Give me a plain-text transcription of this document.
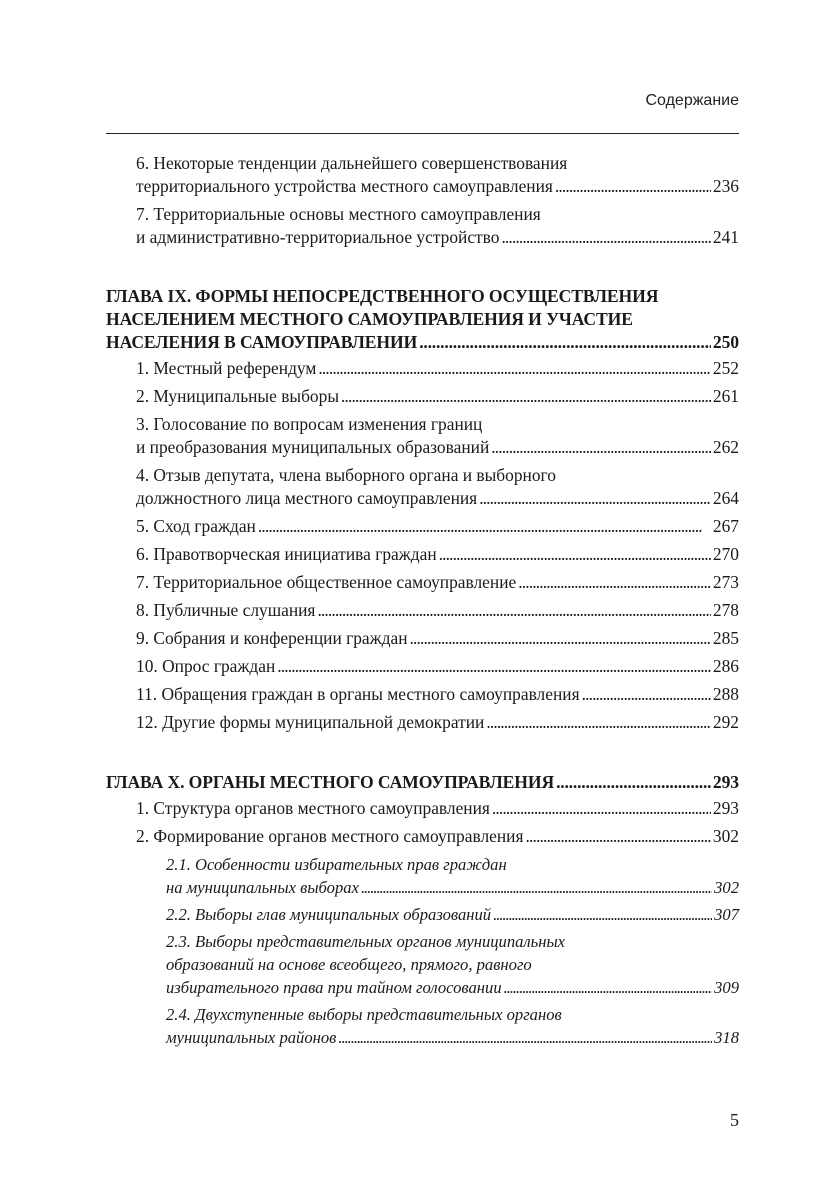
Содержание
6. Некоторые тенденции дальнейшего совершенствования
территориального устройства местного самоуправления . . .	236
7. Территориальные основы местного самоуправления
и административно-территориальное устройство . . .	241
ГЛАВА IX. ФОРМЫ НЕПОСРЕДСТВЕННОГО ОСУЩЕСТВЛЕНИЯ
НАСЕЛЕНИЕМ МЕСТНОГО САМОУПРАВЛЕНИЯ И УЧАСТИЕ
НАСЕЛЕНИЯ В САМОУПРАВЛЕНИИ . . .	250
1. Местный референдум . . .	252
2. Муниципальные выборы . . .	261
3. Голосование по вопросам изменения границ
и преобразования муниципальных образований . . .	262
4. Отзыв депутата, члена выборного органа и выборного
должностного лица местного самоуправления . . .	264
5. Сход граждан . . .	267
6. Правотворческая инициатива граждан . . .	270
7. Территориальное общественное самоуправление . . .	273
8. Публичные слушания . . .	278
9. Собрания и конференции граждан . . .	285
10. Опрос граждан . . .	286
11. Обращения граждан в органы местного самоуправления . . .	288
12. Другие формы муниципальной демократии . . .	292
ГЛАВА X. ОРГАНЫ МЕСТНОГО САМОУПРАВЛЕНИЯ . . .	293
1. Структура органов местного самоуправления . . .	293
2. Формирование органов местного самоуправления . . .	302
2.1. Особенности избирательных прав граждан
на муниципальных выборах . . .	302
2.2. Выборы глав муниципальных образований . . .	307
2.3. Выборы представительных органов муниципальных
образований на основе всеобщего, прямого, равного
избирательного права при тайном голосовании . . .	309
2.4. Двухступенные выборы представительных органов
муниципальных районов . . .	318
5
